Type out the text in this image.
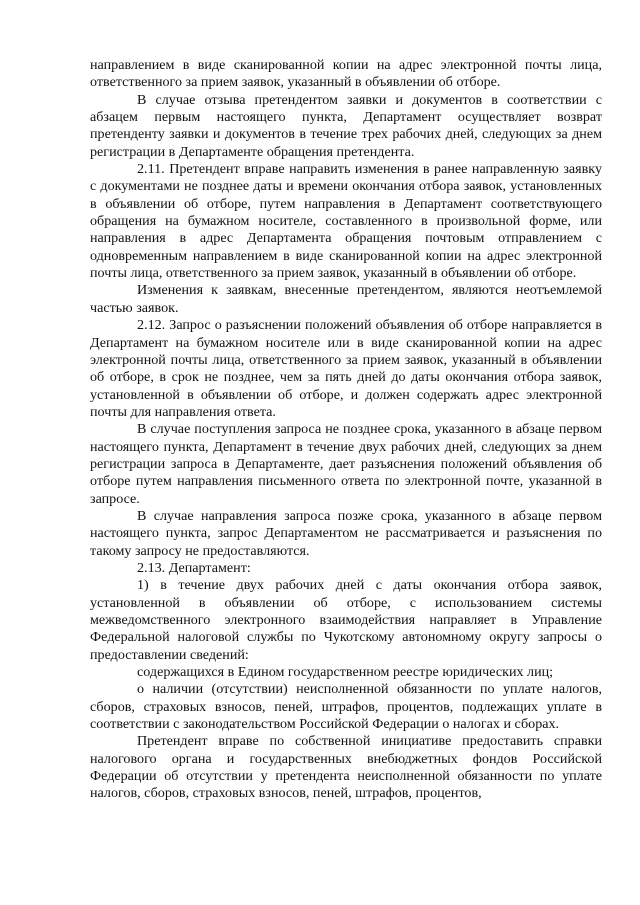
направлением в виде сканированной копии на адрес электронной почты лица, ответственного за прием заявок, указанный в объявлении об отборе.

В случае отзыва претендентом заявки и документов в соответствии с абзацем первым настоящего пункта, Департамент осуществляет возврат претенденту заявки и документов в течение трех рабочих дней, следующих за днем регистрации в Департаменте обращения претендента.

2.11. Претендент вправе направить изменения в ранее направленную заявку с документами не позднее даты и времени окончания отбора заявок, установленных в объявлении об отборе, путем направления в Департамент соответствующего обращения на бумажном носителе, составленного в произвольной форме, или направления в адрес Департамента обращения почтовым отправлением с одновременным направлением в виде сканированной копии на адрес электронной почты лица, ответственного за прием заявок, указанный в объявлении об отборе.

Изменения к заявкам, внесенные претендентом, являются неотъемлемой частью заявок.

2.12. Запрос о разъяснении положений объявления об отборе направляется в Департамент на бумажном носителе или в виде сканированной копии на адрес электронной почты лица, ответственного за прием заявок, указанный в объявлении об отборе, в срок не позднее, чем за пять дней до даты окончания отбора заявок, установленной в объявлении об отборе, и должен содержать адрес электронной почты для направления ответа.

В случае поступления запроса не позднее срока, указанного в абзаце первом настоящего пункта, Департамент в течение двух рабочих дней, следующих за днем регистрации запроса в Департаменте, дает разъяснения положений объявления об отборе путем направления письменного ответа по электронной почте, указанной в запросе.

В случае направления запроса позже срока, указанного в абзаце первом настоящего пункта, запрос Департаментом не рассматривается и разъяснения по такому запросу не предоставляются.

2.13. Департамент:

1) в течение двух рабочих дней с даты окончания отбора заявок, установленной в объявлении об отборе, с использованием системы межведомственного электронного взаимодействия направляет в Управление Федеральной налоговой службы по Чукотскому автономному округу запросы о предоставлении сведений:

содержащихся в Едином государственном реестре юридических лиц;

о наличии (отсутствии) неисполненной обязанности по уплате налогов, сборов, страховых взносов, пеней, штрафов, процентов, подлежащих уплате в соответствии с законодательством Российской Федерации о налогах и сборах.

Претендент вправе по собственной инициативе предоставить справки налогового органа и государственных внебюджетных фондов Российской Федерации об отсутствии у претендента неисполненной обязанности по уплате налогов, сборов, страховых взносов, пеней, штрафов, процентов,
